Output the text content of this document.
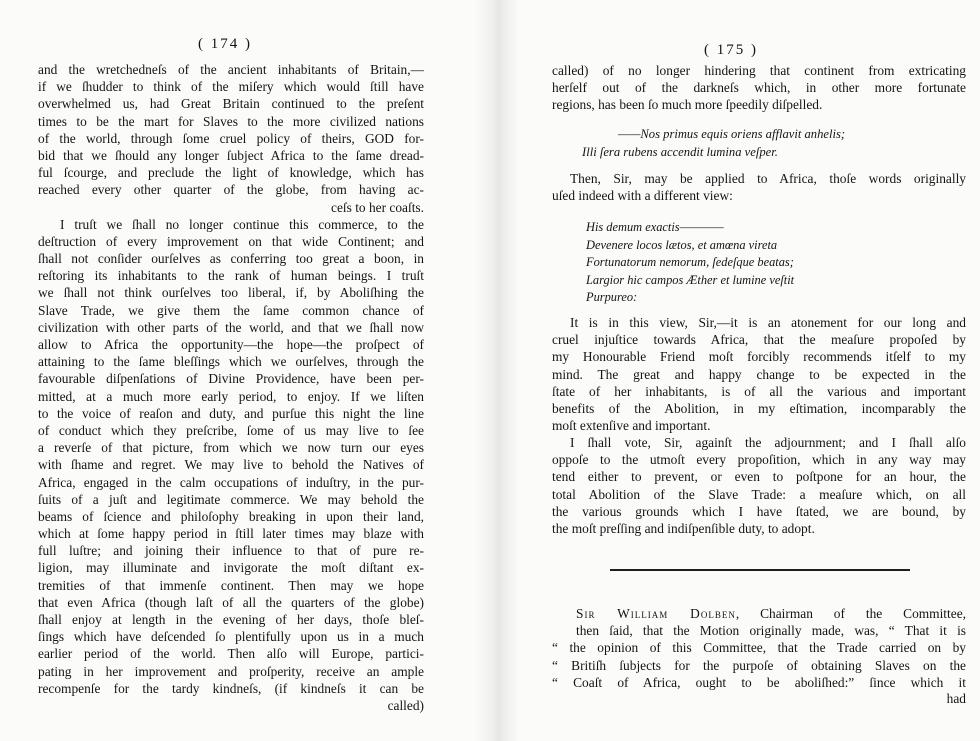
( 174 )
and the wretchedneſs of the ancient inhabitants of Britain,—
if we ſhudder to think of the miſery which would ſtill have
overwhelmed us, had Great Britain continued to the preſent
times to be the mart for Slaves to the more civilized nations
of the world, through ſome cruel policy of theirs, GOD for-
bid that we ſhould any longer ſubject Africa to the ſame dread-
ful ſcourge, and preclude the light of knowledge, which has
reached every other quarter of the globe, from having ac-
ceſs to her coaſts.
I truſt we ſhall no longer continue this commerce, to the
deſtruction of every improvement on that wide Continent; and
ſhall not conſider ourſelves as conferring too great a boon, in
reſtoring its inhabitants to the rank of human beings. I truſt
we ſhall not think ourſelves too liberal, if, by Aboliſhing the
Slave Trade, we give them the ſame common chance of
civilization with other parts of the world, and that we ſhall now
allow to Africa the opportunity—the hope—the proſpect of
attaining to the ſame bleſſings which we ourſelves, through the
favourable diſpenſations of Divine Providence, have been per-
mitted, at a much more early period, to enjoy. If we liſten
to the voice of reaſon and duty, and purſue this night the line
of conduct which they preſcribe, ſome of us may live to ſee
a reverſe of that picture, from which we now turn our eyes
with ſhame and regret. We may live to behold the Natives of
Africa, engaged in the calm occupations of induſtry, in the pur-
ſuits of a juſt and legitimate commerce. We may behold the
beams of ſcience and philoſophy breaking in upon their land,
which at ſome happy period in ſtill later times may blaze with
full luſtre; and joining their influence to that of pure re-
ligion, may illuminate and invigorate the moſt diſtant ex-
tremities of that immenſe continent. Then may we hope
that even Africa (though laſt of all the quarters of the globe)
ſhall enjoy at length in the evening of her days, thoſe bleſ-
ſings which have deſcended ſo plentifully upon us in a much
earlier period of the world. Then alſo will Europe, partici-
pating in her improvement and proſperity, receive an ample
recompenſe for the tardy kindneſs, (if kindneſs it can be
called)
( 175 )
called) of no longer hindering that continent from extricating
herſelf out of the darkneſs which, in other more fortunate
regions, has been ſo much more ſpeedily diſpelled.
——Nos primus equis oriens afflavit anhelis;
Illi ſera rubens accendit lumina veſper.
Then, Sir, may be applied to Africa, thoſe words originally
uſed indeed with a different view:
His demum exactis————
Devenere locos lætos, et amœna vireta
Fortunatorum nemorum, ſedeſque beatas;
Largior hic campos Æther et lumine veſtit
Purpureo:
It is in this view, Sir,—it is an atonement for our long and
cruel injuſtice towards Africa, that the meaſure propoſed by
my Honourable Friend moſt forcibly recommends itſelf to my
mind. The great and happy change to be expected in the
ſtate of her inhabitants, is of all the various and important
benefits of the Abolition, in my eſtimation, incomparably the
moſt extenſive and important.
I ſhall vote, Sir, againſt the adjournment; and I ſhall alſo
oppoſe to the utmoſt every propoſition, which in any way may
tend either to prevent, or even to poſtpone for an hour, the
total Abolition of the Slave Trade: a meaſure which, on all
the various grounds which I have ſtated, we are bound, by
the moſt preſſing and indiſpenſible duty, to adopt.
Sir William Dolben, Chairman of the Committee,
then ſaid, that the Motion originally made, was, “ That it is
“ the opinion of this Committee, that the Trade carried on by
“ Britiſh ſubjects for the purpoſe of obtaining Slaves on the
“ Coaſt of Africa, ought to be aboliſhed:” ſince which it
had
